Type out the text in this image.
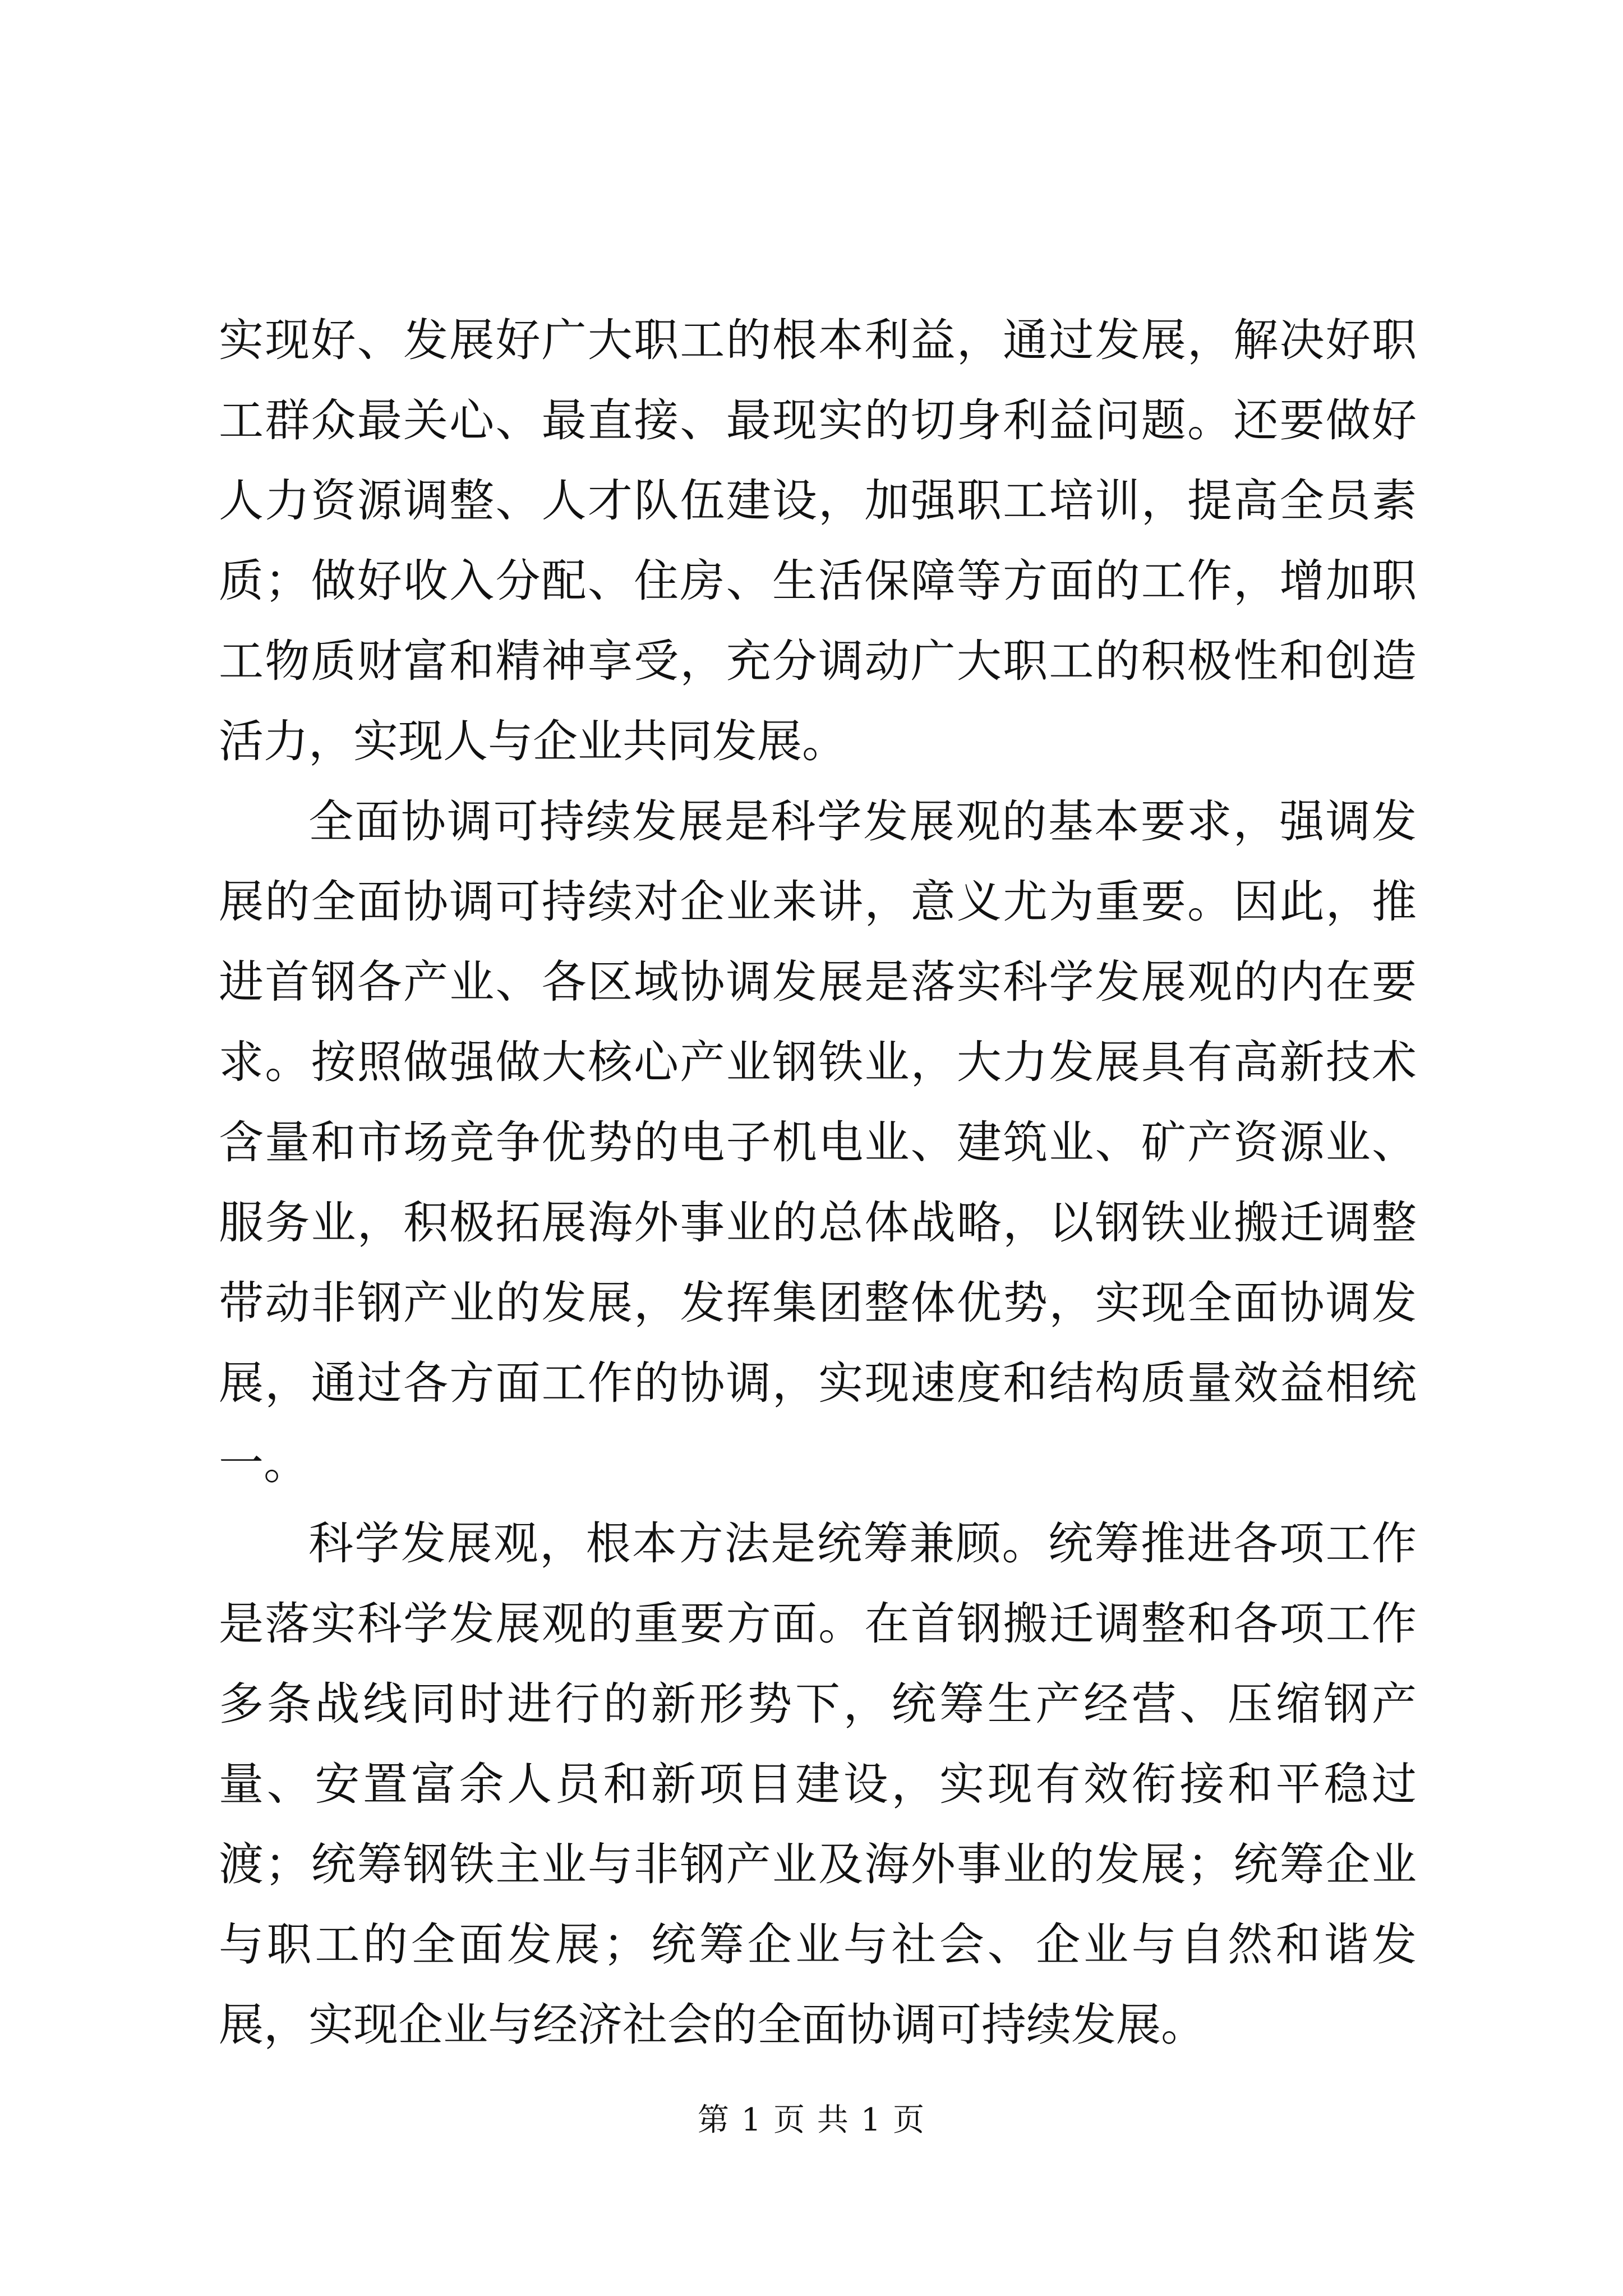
实现好、发展好广大职工的根本利益，通过发展，解决好职工群众最关心、最直接、最现实的切身利益问题。还要做好人力资源调整、人才队伍建设，加强职工培训，提高全员素质；做好收入分配、住房、生活保障等方面的工作，增加职工物质财富和精神享受，充分调动广大职工的积极性和创造活力，实现人与企业共同发展。

全面协调可持续发展是科学发展观的基本要求，强调发展的全面协调可持续对企业来讲，意义尤为重要。因此，推进首钢各产业、各区域协调发展是落实科学发展观的内在要求。按照做强做大核心产业钢铁业，大力发展具有高新技术含量和市场竞争优势的电子机电业、建筑业、矿产资源业、服务业，积极拓展海外事业的总体战略，以钢铁业搬迁调整带动非钢产业的发展，发挥集团整体优势，实现全面协调发展，通过各方面工作的协调，实现速度和结构质量效益相统一。

科学发展观，根本方法是统筹兼顾。统筹推进各项工作是落实科学发展观的重要方面。在首钢搬迁调整和各项工作多条战线同时进行的新形势下，统筹生产经营、压缩钢产量、安置富余人员和新项目建设，实现有效衔接和平稳过渡；统筹钢铁主业与非钢产业及海外事业的发展；统筹企业与职工的全面发展；统筹企业与社会、企业与自然和谐发展，实现企业与经济社会的全面协调可持续发展。

第 1 页 共 1 页
